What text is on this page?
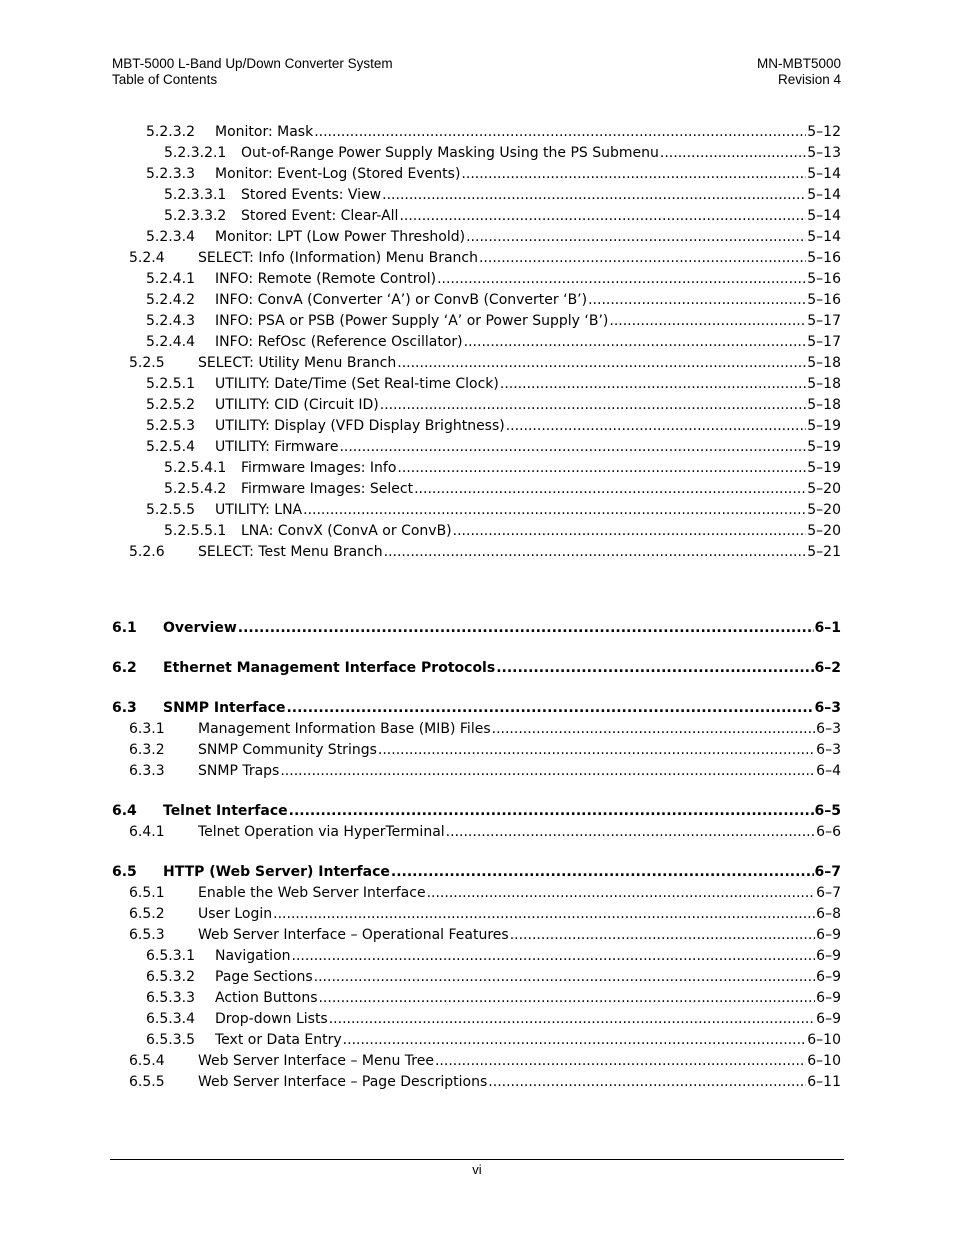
MBT-5000 L-Band Up/Down Converter System
Table of Contents
MN-MBT5000
Revision 4
5.2.3.2	Monitor: Mask .....	5–12
5.2.3.2.1	Out-of-Range Power Supply Masking Using the PS Submenu .....	5–13
5.2.3.3	Monitor: Event-Log (Stored Events) .....	5–14
5.2.3.3.1	Stored Events: View .....	5–14
5.2.3.3.2	Stored Event: Clear-All .....	5–14
5.2.3.4	Monitor: LPT (Low Power Threshold) .....	5–14
5.2.4	SELECT: Info (Information) Menu Branch .....	5–16
5.2.4.1	INFO: Remote (Remote Control) .....	5–16
5.2.4.2	INFO: ConvA (Converter ‘A’) or ConvB (Converter ‘B’) .....	5–16
5.2.4.3	INFO: PSA or PSB (Power Supply ‘A’ or Power Supply ‘B’) .....	5–17
5.2.4.4	INFO: RefOsc (Reference Oscillator) .....	5–17
5.2.5	SELECT: Utility Menu Branch .....	5–18
5.2.5.1	UTILITY: Date/Time (Set Real-time Clock) .....	5–18
5.2.5.2	UTILITY: CID (Circuit ID) .....	5–18
5.2.5.3	UTILITY: Display (VFD Display Brightness) .....	5–19
5.2.5.4	UTILITY: Firmware .....	5–19
5.2.5.4.1	Firmware Images: Info .....	5–19
5.2.5.4.2	Firmware Images: Select .....	5–20
5.2.5.5	UTILITY: LNA .....	5–20
5.2.5.5.1	LNA: ConvX (ConvA or ConvB) .....	5–20
5.2.6	SELECT: Test Menu Branch .....	5–21
6.1	Overview .....	6–1
6.2	Ethernet Management Interface Protocols .....	6–2
6.3	SNMP Interface .....	6–3
6.3.1	Management Information Base (MIB) Files .....	6–3
6.3.2	SNMP Community Strings .....	6–3
6.3.3	SNMP Traps .....	6–4
6.4	Telnet Interface .....	6–5
6.4.1	Telnet Operation via HyperTerminal .....	6–6
6.5	HTTP (Web Server) Interface .....	6–7
6.5.1	Enable the Web Server Interface .....	6–7
6.5.2	User Login .....	6–8
6.5.3	Web Server Interface – Operational Features .....	6–9
6.5.3.1	Navigation .....	6–9
6.5.3.2	Page Sections .....	6–9
6.5.3.3	Action Buttons .....	6–9
6.5.3.4	Drop-down Lists .....	6–9
6.5.3.5	Text or Data Entry .....	6–10
6.5.4	Web Server Interface – Menu Tree .....	6–10
6.5.5	Web Server Interface – Page Descriptions .....	6–11
vi
